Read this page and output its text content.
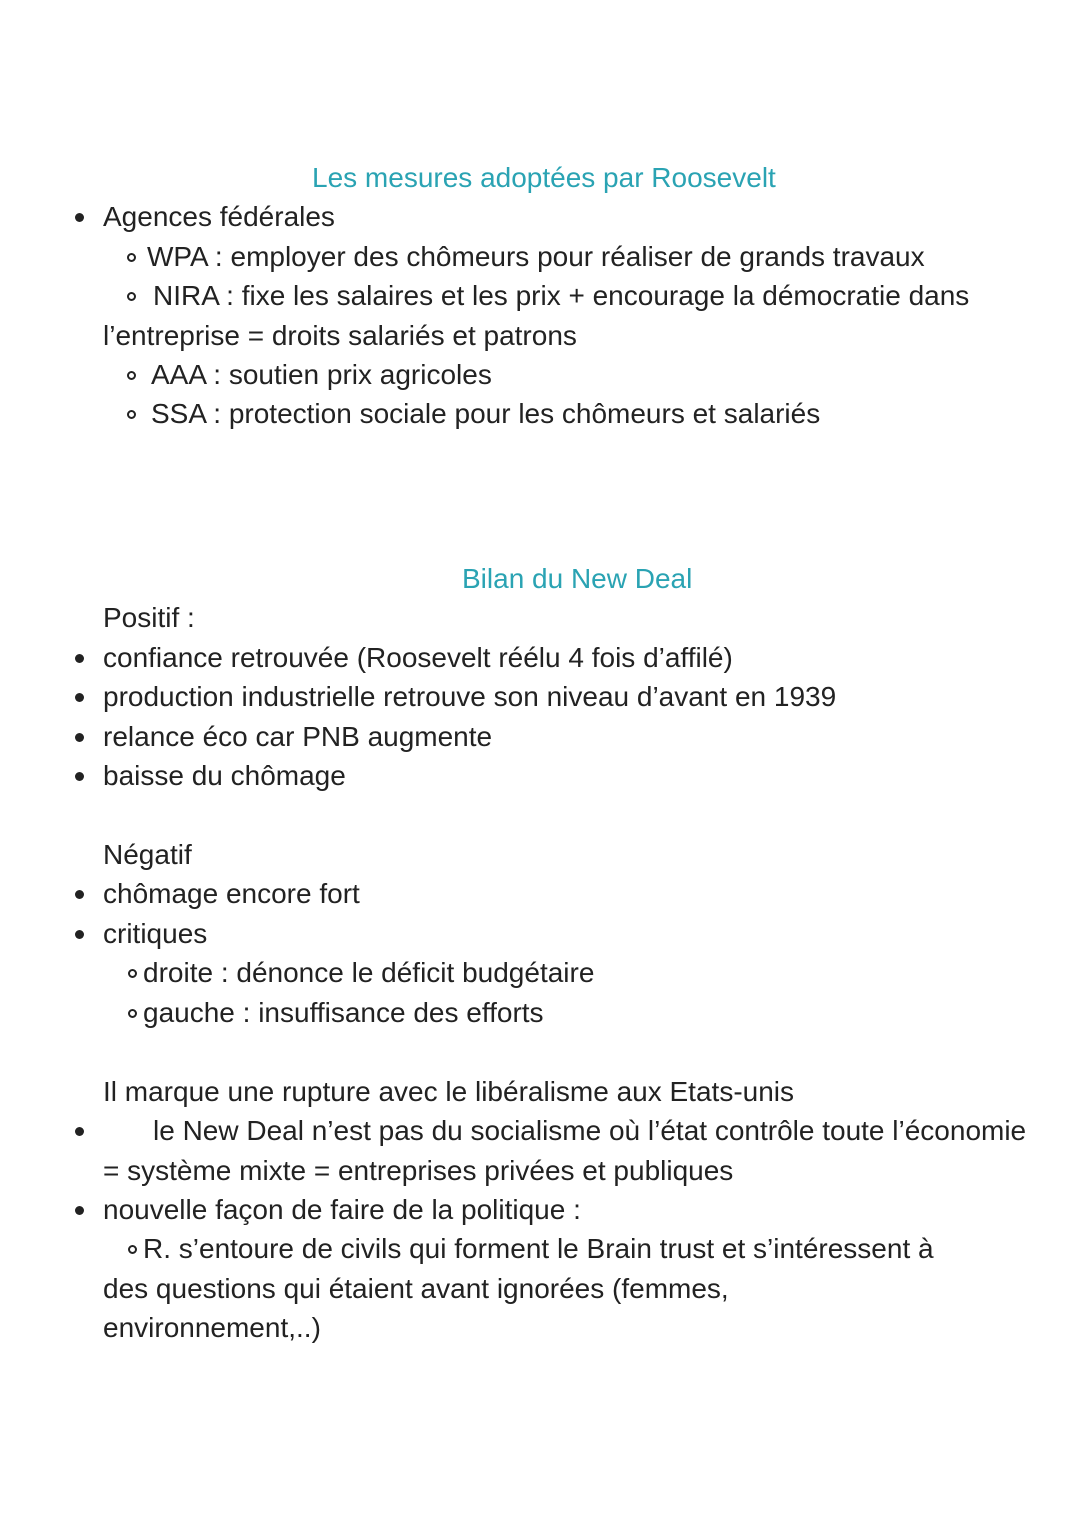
Les mesures adoptées par Roosevelt
Agences fédérales
WPA : employer des chômeurs pour réaliser de grands travaux
NIRA : fixe les salaires et les prix + encourage la démocratie dans
l’entreprise = droits salariés et patrons
AAA : soutien prix agricoles
SSA : protection sociale pour les chômeurs et salariés
Bilan du New Deal
Positif :
confiance retrouvée (Roosevelt réélu 4 fois d’affilé)
production industrielle retrouve son niveau d’avant en 1939
relance éco car PNB augmente
baisse du chômage
Négatif
chômage encore fort
critiques
droite : dénonce le déficit budgétaire
gauche : insuffisance des efforts
Il marque une rupture avec le libéralisme aux Etats-unis
le New Deal n’est pas du socialisme où l’état contrôle toute l’économie
= système mixte = entreprises privées et publiques
nouvelle façon de faire de la politique :
R. s’entoure de civils qui forment le Brain trust et s’intéressent à
des questions qui étaient avant ignorées (femmes,
environnement,..)
